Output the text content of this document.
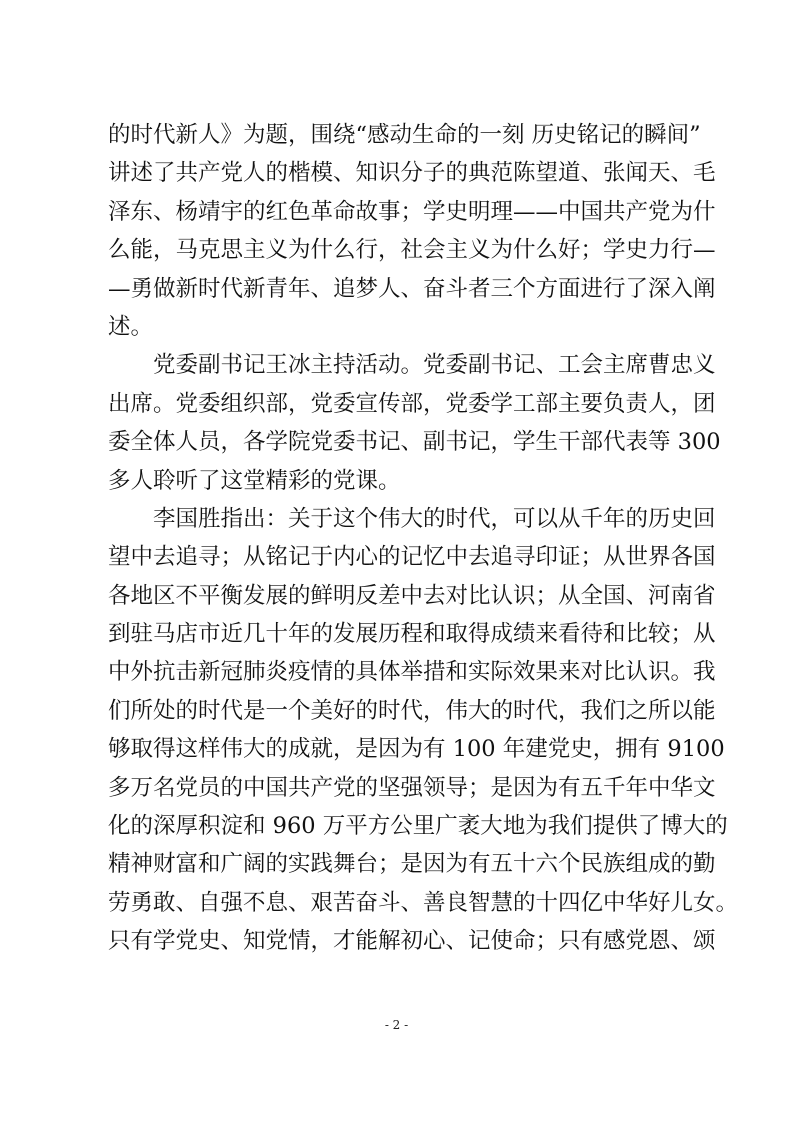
的时代新人》为题，围绕“感动生命的一刻 历史铭记的瞬间”
讲述了共产党人的楷模、知识分子的典范陈望道、张闻天、毛
泽东、杨靖宇的红色革命故事；学史明理——中国共产党为什
么能，马克思主义为什么行，社会主义为什么好；学史力行—
—勇做新时代新青年、追梦人、奋斗者三个方面进行了深入阐
述。
　　党委副书记王冰主持活动。党委副书记、工会主席曹忠义
出席。党委组织部，党委宣传部，党委学工部主要负责人，团
委全体人员，各学院党委书记、副书记，学生干部代表等 300
多人聆听了这堂精彩的党课。
　　李国胜指出：关于这个伟大的时代，可以从千年的历史回
望中去追寻；从铭记于内心的记忆中去追寻印证；从世界各国
各地区不平衡发展的鲜明反差中去对比认识；从全国、河南省
到驻马店市近几十年的发展历程和取得成绩来看待和比较；从
中外抗击新冠肺炎疫情的具体举措和实际效果来对比认识。我
们所处的时代是一个美好的时代，伟大的时代，我们之所以能
够取得这样伟大的成就，是因为有 100 年建党史，拥有 9100
多万名党员的中国共产党的坚强领导；是因为有五千年中华文
化的深厚积淀和 960 万平方公里广袤大地为我们提供了博大的
精神财富和广阔的实践舞台；是因为有五十六个民族组成的勤
劳勇敢、自强不息、艰苦奋斗、善良智慧的十四亿中华好儿女。
只有学党史、知党情，才能解初心、记使命；只有感党恩、颂
- 2 -
